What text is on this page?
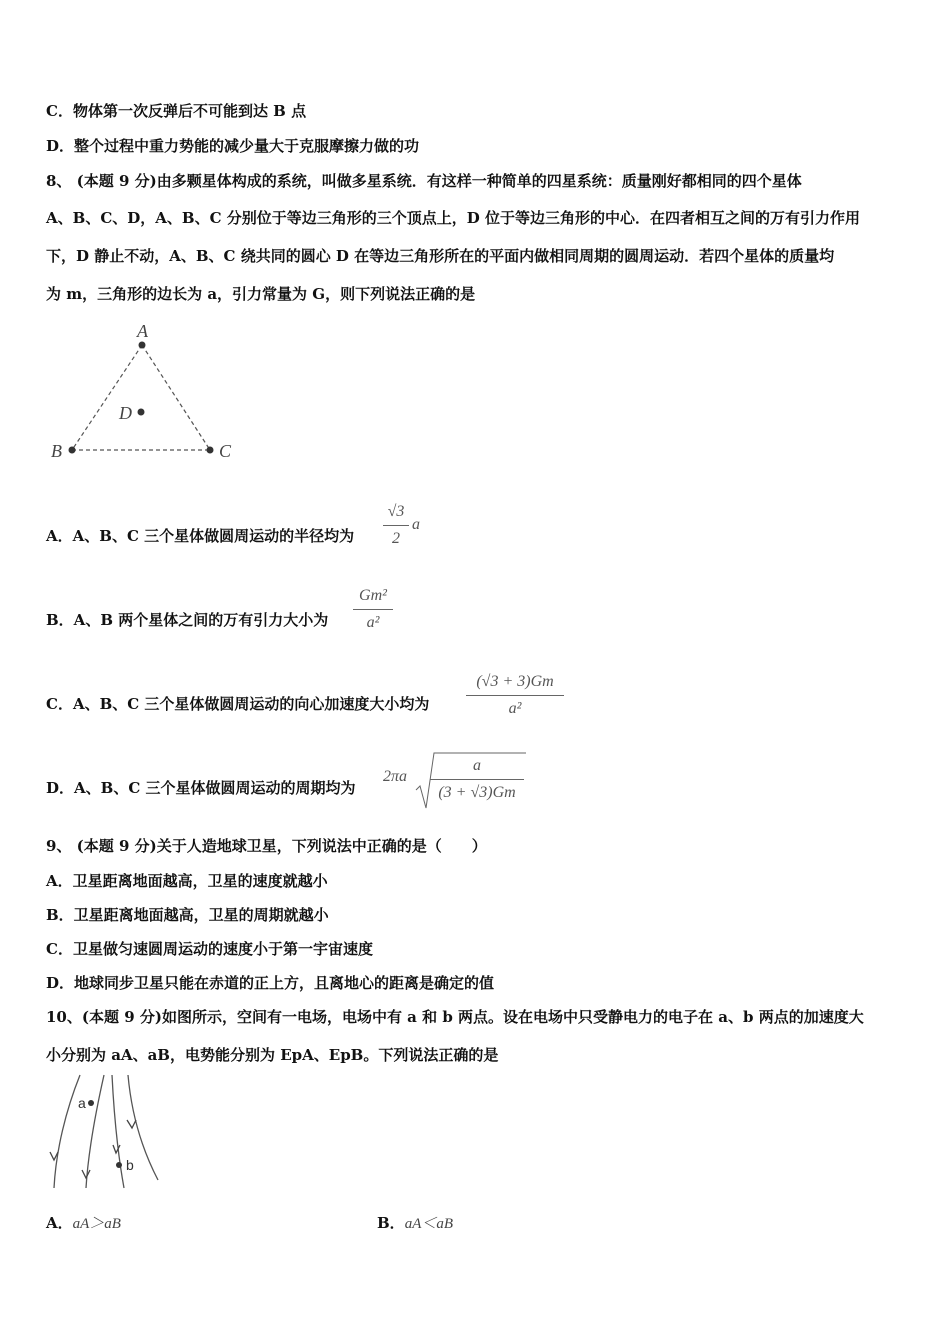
C．物体第一次反弹后不可能到达 B 点
D．整个过程中重力势能的减少量大于克服摩擦力做的功
8、 (本题 9 分)由多颗星体构成的系统，叫做多星系统．有这样一种简单的四星系统：质量刚好都相同的四个星体
A、B、C、D，A、B、C 分别位于等边三角形的三个顶点上，D 位于等边三角形的中心．在四者相互之间的万有引力作用
下，D 静止不动，A、B、C 绕共同的圆心 D 在等边三角形所在的平面内做相同周期的圆周运动．若四个星体的质量均
为 m，三角形的边长为 a，引力常量为 G，则下列说法正确的是
A
B	C
D
A．A、B、C 三个星体做圆周运动的半径均为
√3
2
a
B．A、B 两个星体之间的万有引力大小为
Gm²
a²
C．A、B、C 三个星体做圆周运动的向心加速度大小均为
(√3 + 3)Gm
a²
D．A、B、C 三个星体做圆周运动的周期均为
2πa
a
(3 + √3)Gm
9、 (本题 9 分)关于人造地球卫星，下列说法中正确的是（　　）
A．卫星距离地面越高，卫星的速度就越小
B．卫星距离地面越高，卫星的周期就越小
C．卫星做匀速圆周运动的速度小于第一宇宙速度
D．地球同步卫星只能在赤道的正上方，且离地心的距离是确定的值
10、(本题 9 分)如图所示，空间有一电场，电场中有 a 和 b 两点。设在电场中只受静电力的电子在 a、b 两点的加速度大
小分别为 aA、aB，电势能分别为 EpA、EpB。下列说法正确的是
a
b
A．aA＞aB	B．aA＜aB
